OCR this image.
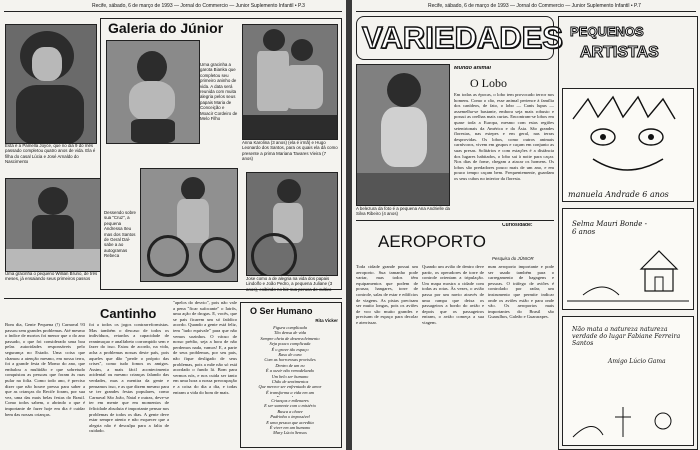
Recife, sábado, 6 de março de 1993 — Jornal do Commercio — Junior Suplemento Infantil • P.3
Galeria do Júnior
Esta é a Pamella Joyce, que no dia 9 do mês passado completou quatro anos de vida. Ela é filha do casal Lúcia e José Arnaldo do Nascimento
Uma gracinha a garota Bianka que completou seu primeiro aninho de vida. A data será reunida com muita alegria pelos seus papais Maria de Conceição e Moacir Cordeiro de Melo Filho
Anna Karolina (3 anos) (ela é irmã) e Hugo Leonardo dos Santos, para os quais ela dá como presente a prima Mariana Tavares Vieira (7 anos)
Uma gracinha o pequeno Willian Bruno, de três meses, já ensaiando seus primeiros passos
Dessendo sobre sua "Cruz", a pequena Andressa Iteu mas dos Santos de Geral Dal- sabe a ao autogramas Rebeca
Jose como a de alegria na vida dos papais Lindolfo e João Pedro, a pequena Juliane (3 anos), exibindo no biz sua peruca de cultivo
Cantinho
Bom dia, Gente Pequena (!) Carnaval 93 passou sem grandes problemas. Até mesmo o índice de mortos foi menor que o do ano passado, o que foi considerado uma boa pelas autoridades responsáveis pelo segurança no Estado. Uma coisa que chamou a atenção mesmo, em nossa terra, foi a grande festa de Momo do ano, que embalou a multidão e que sobretudo conquistou as pessoas que foram às ruas pular na folia. Como todo ano, é preciso dizer que não houve pressa para saber a que as crianças do Recife foram, por sua vez, uma das mais belas festas do Brasil. Como todos sabem, o abrindo o que é importante de fazer hoje em dia é cuidar bem das nossas crianças.
foi a todos os jogos contrarreformistas. Mas também o descaso de todos os indivíduos, retardos a capacidade de reanimaçao e analfabeto corrompido sem e fazer do isso. Estou de acordo, na vida, acha a problemas nossas deste país, pois aqueles que dão "perde o próprio das crises", como tudo fomos os amigos. Assim, a mais fácil acontecimento acidental ou mesmo crianças falando das verdades, mas a mentira da gente e pensamos isso, e as que dizem mesmo para se ter grandes festas populares, como Carnaval São João, Natal e outras, deve-se ter em mente que em momentos de felicidade absoluta é importante pensar nos problemas de todos os dias. A gente deve estar sempre atento e não esquecer que a alegria não é desculpa para a falta de cuidado.
"apelos do desvio", pois não vale a pena "ficar sufocante" o Iatrôs, uma ação de drogas. E, vocês, que se pais ficarem um só fatídico acordo. Quando a gente está feliz, tem "tudo equivale" para que não vemos sozinhos. O vácuo de nosso prédio, seja a hora de não perdemos nada, vamos! E, a parte de seus problemas, por seu pais, não fique desligado de seus problemas, pois a mãe não só está acordado o fundo lá. Bom para vermos nós, e nos cuida ser tanto em uma hora a nossa preocupação e a coisa do dia a dia, e todas entram a vida do bom de mais.
O Ser Humano
Rita Vicker
Figura complicada
Tão densa de vida
Sempre cheia de desenvolvimento
Seja pouco complicada
É o grave tão espaço
Raso de cura
Com as horrorosas provisões
Dentro de um eu
É a ouvir não remodelando
Um belo ser humano
Chão de sentimentos
Que merece ser enfrentado de amor
É transforma a vida em um

Crianças e milenares
E ser somente com o mistério
Busca a chave
Padrinha o impossível
E uma pessoa que acredita
É viver em um humano
Mary Lúcia Sensos
Recife, sábado, 6 de março de 1993 — Jornal do Commercio — Junior Suplemento Infantil • P.7
VARIEDADES PEQUENOS
ARTISTAS
manuela Andrade 6 anos
Selma Mauri Bonde - 6 anos
Não mata a natureza natureza verdade do lugar Fabiane Ferreira Santos
Amigo Lúcio Gama
A belezura da foto é a pequena Ana Andrielle da Silva Ribeiro (4 anos)
Mundo animal
O Lobo
Em todas as épocas, o lobo tem provocado terror nos homens. Como o cão, esse animal pertence à família dos canídeos, de fato, o lobo — Canis lupus — assemelha-se bastante, embora seja mais robusto e possui as orelhas mais curtas. Encontram-se lobos em quase toda a Europa, mesmo com estas regiões setentrionais da América e da Ásia. São grandes florestas, nas estepes e em geral, nas terras desprovidas. Os lobos, como outros animais carnívoros, vivem em grupos e caçam em conjunto as suas presas. Solitários e com estações é a distância dos lugares habitados, o lobo sai à noite para caçar. Nos dias de fome, chegam a atacar os homens. Os lobos são predadores pouco mais de um ano, e em pouco tempo caçam bem. Frequentemente, guardam os seus cubos no interior da floresta.
Curiosidade:
AEROPORTO
Pesquisa do JÚNIOR
Toda cidade grande possui um aeroporto. Sua tamanho pode variar, mas todos têm equipamentos que podem de pousar, hangares, torre de controle, salas de estar e edifícios de viagens. As pistas precisam ser muito longas, pois os aviões de voo são muito grandes e precisam de espaço para decolar e aterrissar.
Quando um avião de dentro deve partir, os operadores de torre de controle orientam a tripulação. Um mapa mostra a cidade com todas as rotas. Às vezes, o avião passa por um navio através de uma rampa que deixa os passageiros a bordo do avião e depois que os passageiros entram, o avião começa a sua viagem.
num aeroporto importante e pode ser usado também para o carregamento de bagagens e pessoas. O tráfego de aviões é controlado por radar, um instrumento que permite indicar onde os aviões estão e para onde vão. Os aeroportos mais importantes do Brasil são Guarulhos, Galeão e Guararapes.
